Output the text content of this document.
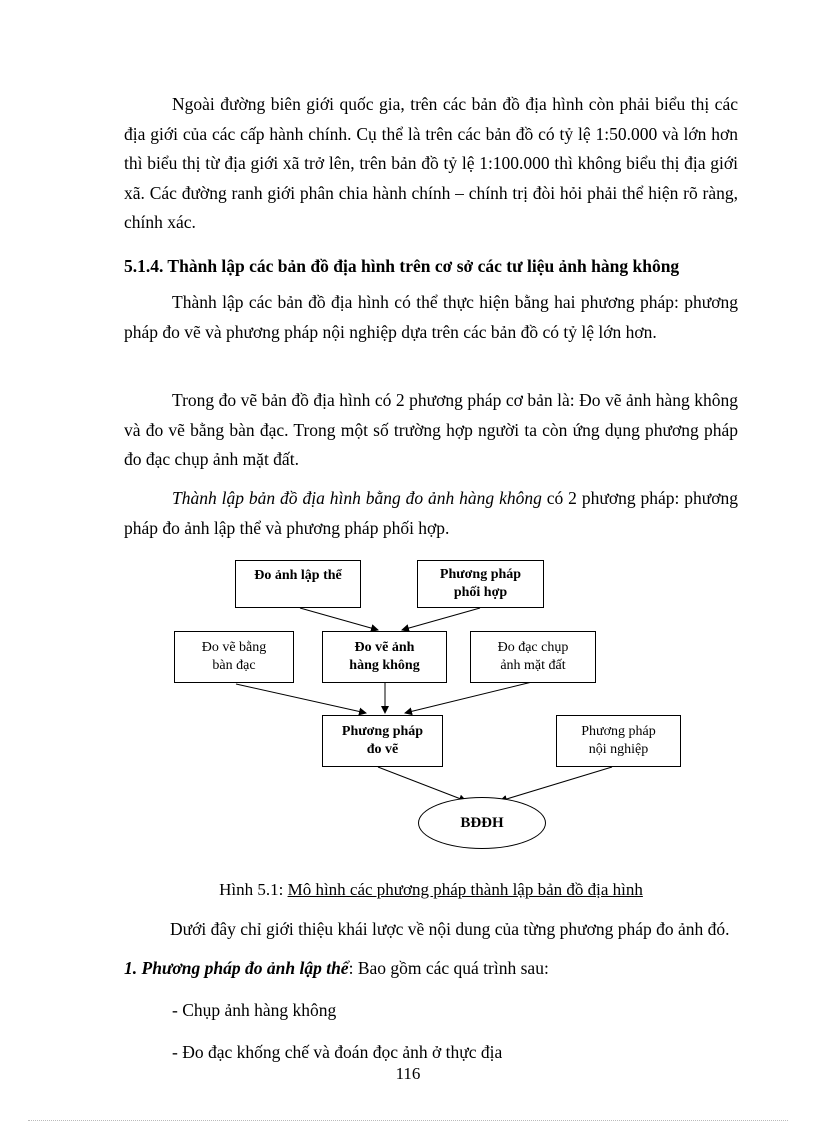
Ngoài đường biên giới quốc gia, trên các bản đồ địa hình còn phải biểu thị các địa giới của các cấp hành chính. Cụ thể là trên các bản đồ có tỷ lệ 1:50.000 và lớn hơn thì biểu thị từ địa giới xã trở lên, trên bản đồ tỷ lệ 1:100.000 thì không biểu thị địa giới xã. Các đường ranh giới phân chia hành chính – chính trị đòi hỏi phải thể hiện rõ ràng, chính xác.

5.1.4. Thành lập các bản đồ địa hình trên cơ sở các tư liệu ảnh hàng không

Thành lập các bản đồ địa hình có thể thực hiện bằng hai phương pháp: phương pháp đo vẽ và phương pháp nội nghiệp dựa trên các bản đồ có tỷ lệ lớn hơn.

Trong đo vẽ bản đồ địa hình có 2 phương pháp cơ bản là: Đo vẽ ảnh hàng không và đo vẽ bằng bàn đạc. Trong một số trường hợp người ta còn ứng dụng phương pháp đo đạc chụp ảnh mặt đất.

Thành lập bản đồ địa hình bằng đo ảnh hàng không có 2 phương pháp: phương pháp đo ảnh lập thể và phương pháp phối hợp.

Đo ảnh lập thể	Phương pháp
phối hợp
Đo vẽ bằng
bàn đạc
Đo vẽ ảnh
hàng không
Đo đạc chụp
ảnh mặt đất
Phương pháp
đo vẽ
Phương pháp
nội nghiệp
BĐĐH

Hình 5.1: Mô hình các phương pháp thành lập bản đồ địa hình

Dưới đây chỉ giới thiệu khái lược về nội dung của từng phương pháp đo ảnh đó.

1. Phương pháp đo ảnh lập thể: Bao gồm các quá trình sau:

- Chụp ảnh hàng không

- Đo đạc khống chế và đoán đọc ảnh ở thực địa

116
